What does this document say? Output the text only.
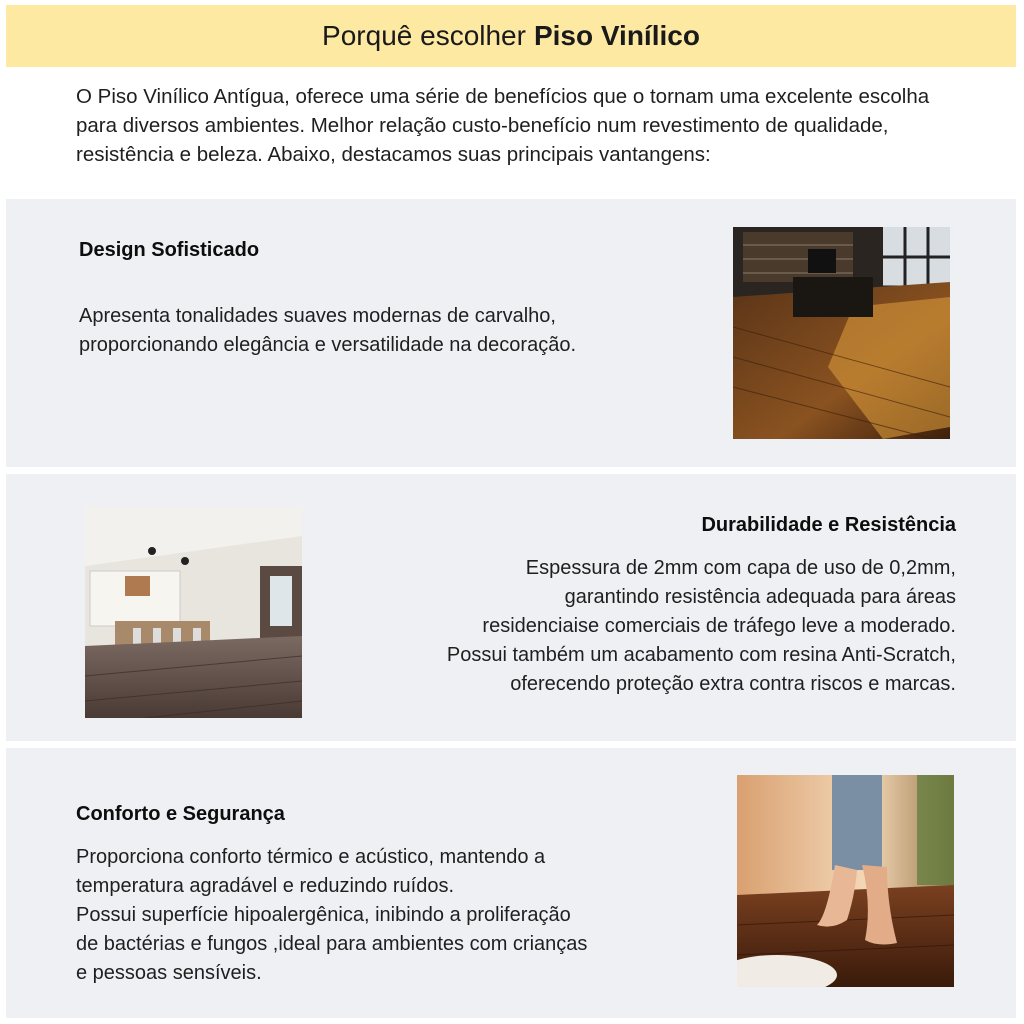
Porquê escolher Piso Vinílico
O Piso Vinílico Antígua, oferece uma série de benefícios que o tornam uma excelente escolha para diversos ambientes. Melhor relação custo-benefício num revestimento de qualidade, resistência e beleza. Abaixo, destacamos suas principais vantangens:
Design Sofisticado
Apresenta tonalidades suaves modernas de carvalho,
proporcionando elegância e versatilidade na decoração.
Durabilidade e Resistência
Espessura de 2mm com capa de uso de 0,2mm,
garantindo resistência adequada para áreas
residenciaise comerciais de tráfego leve a moderado.
Possui também um acabamento com resina Anti-Scratch,
oferecendo proteção extra contra riscos e marcas.
Conforto e Segurança
Proporciona conforto térmico e acústico, mantendo a
temperatura agradável e reduzindo ruídos.
Possui superfície hipoalergênica, inibindo a proliferação
de bactérias e fungos ,ideal para ambientes com crianças
e pessoas sensíveis.
